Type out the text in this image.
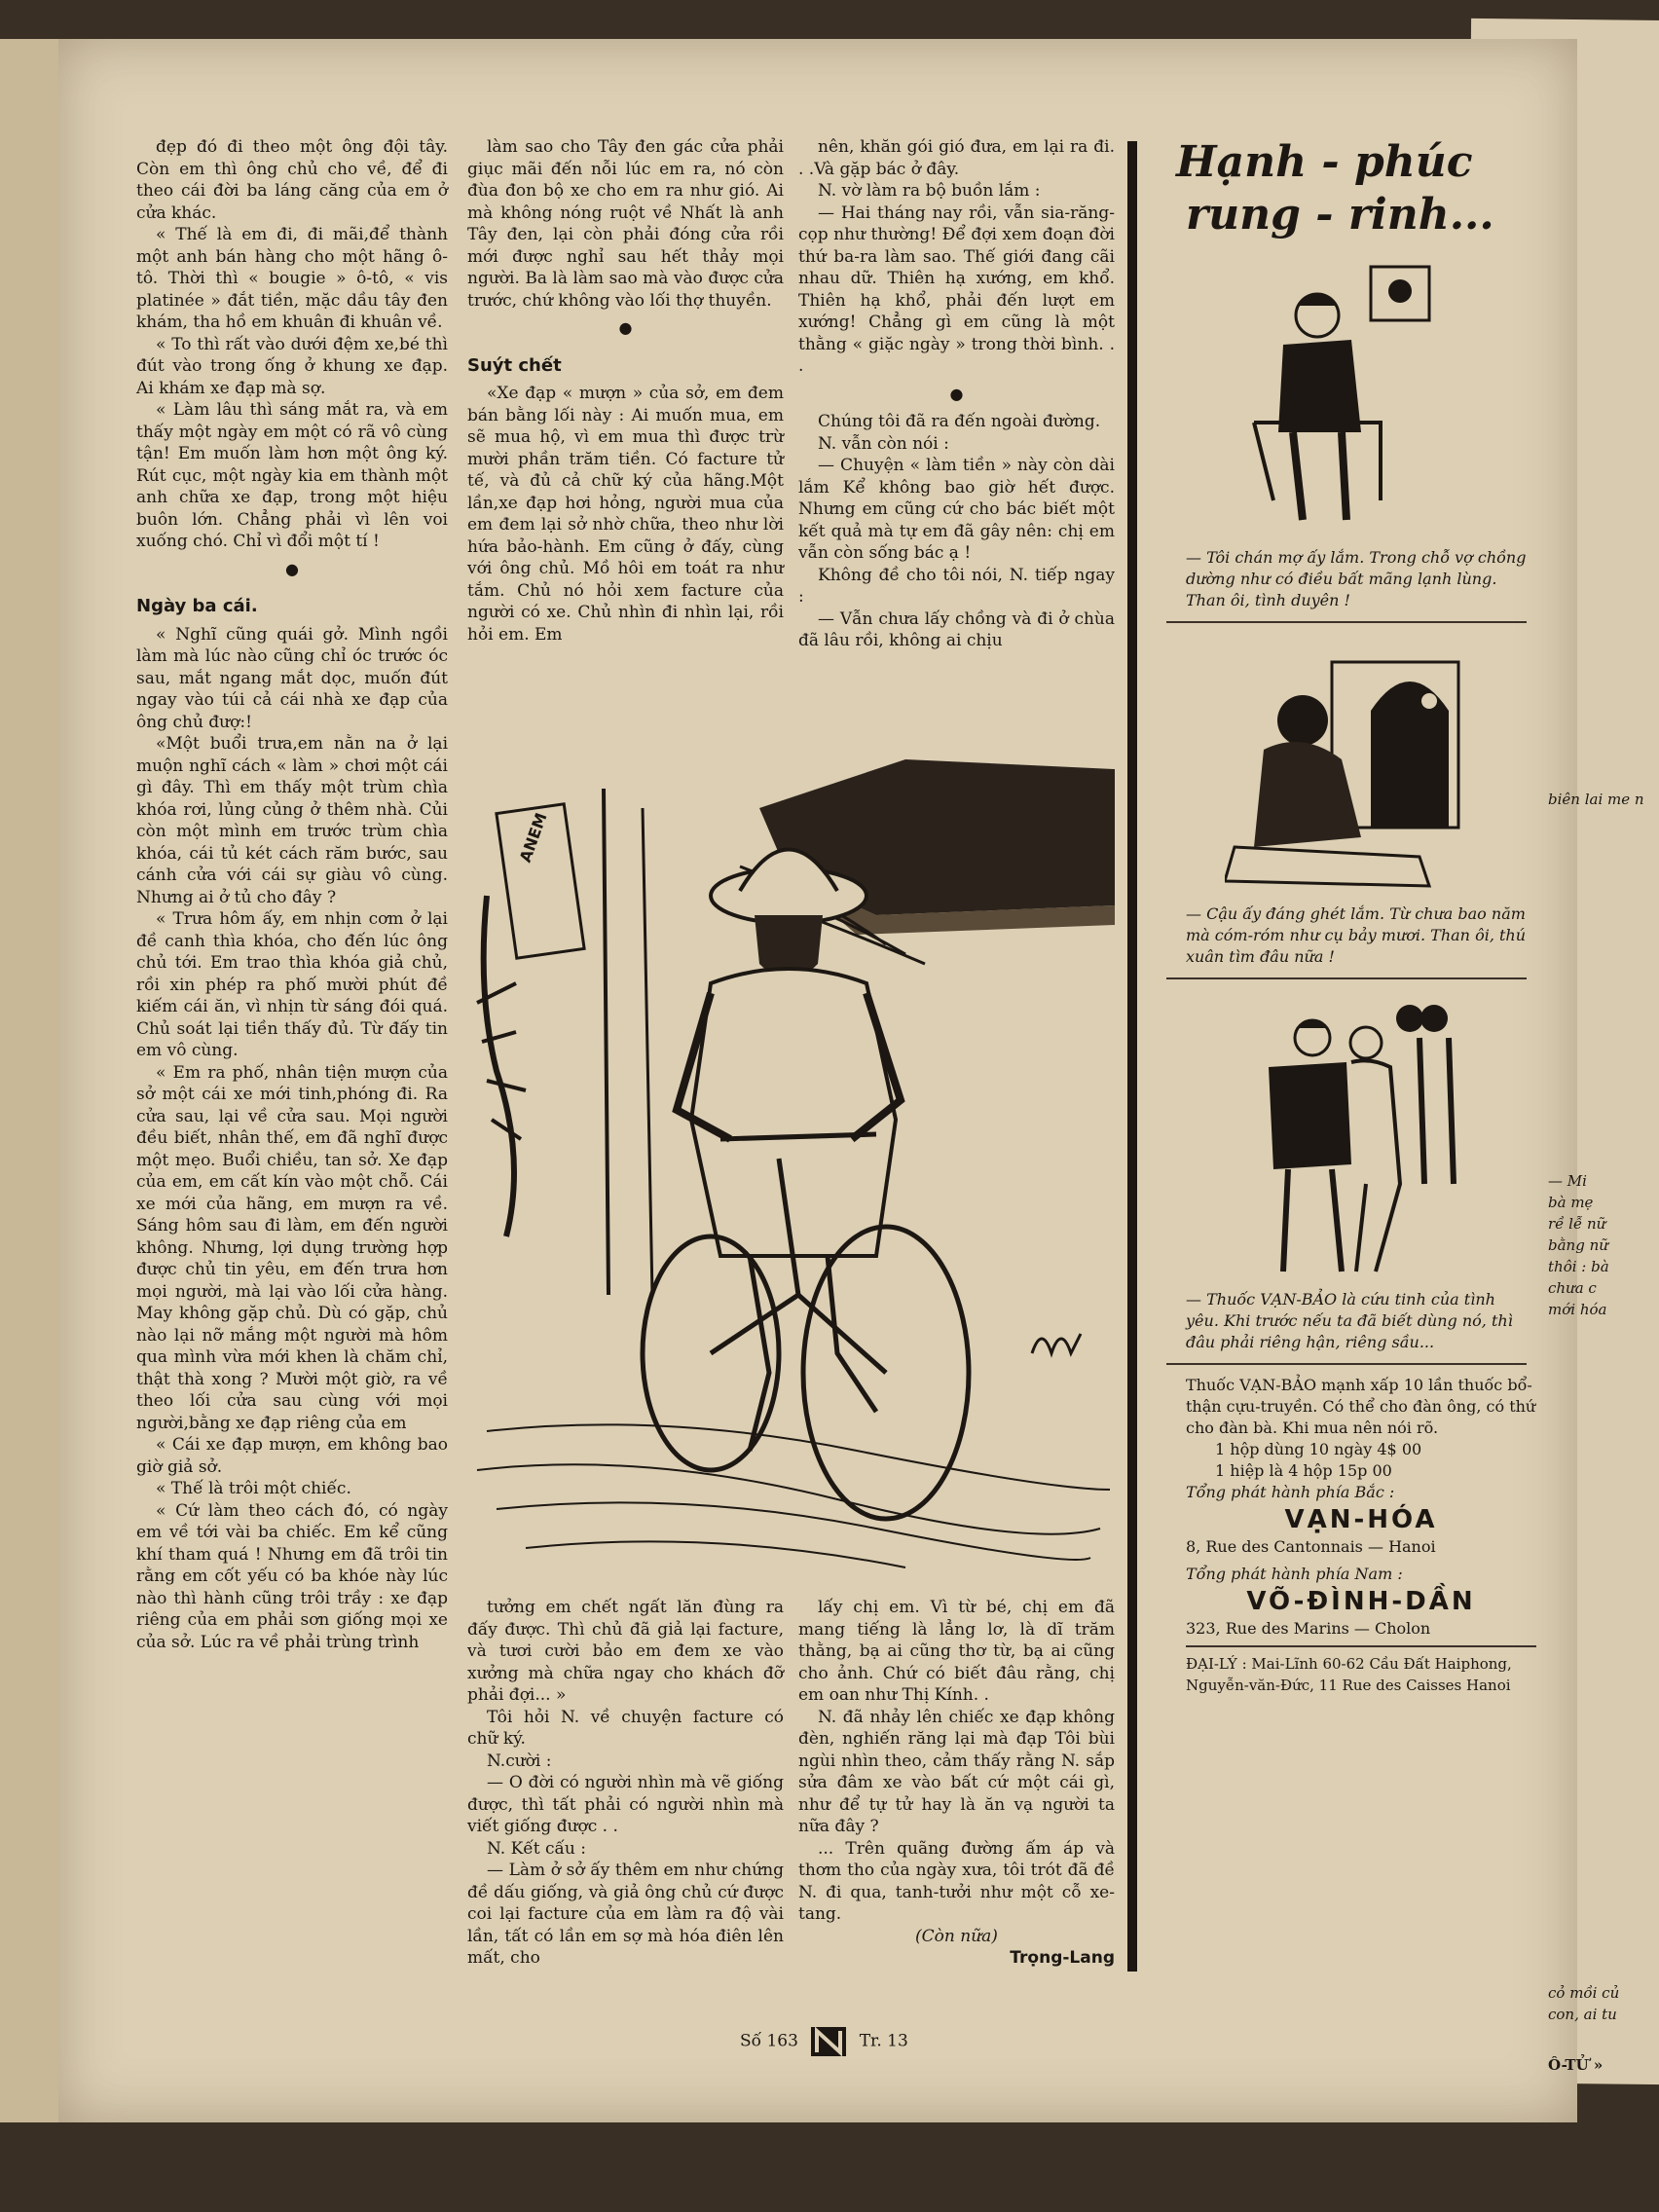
đẹp đó đi theo một ông đội tây. Còn em thì ông chủ cho về, để đi theo cái đời ba láng căng của em ở cửa khác.

« Thế là em đi, đi mãi,để thành một anh bán hàng cho một hãng ô-tô. Thời thì « bougie » ô-tô, « vis platinée » đắt tiền, mặc dầu tây đen khám, tha hồ em khuân đi khuân về.

« To thì rất vào dưới đệm xe,bé thì đút vào trong ống ở khung xe đạp. Ai khám xe đạp mà sợ.

« Làm lâu thì sáng mắt ra, và em thấy một ngày em một có rã vô cùng tận! Em muốn làm hơn một ông ký. Rút cục, một ngày kia em thành một anh chữa xe đạp, trong một hiệu buôn lớn. Chẳng phải vì lên voi xuống chó. Chỉ vì đổi một tí !

●
Ngày ba cái.

« Nghĩ cũng quái gở. Mình ngồi làm mà lúc nào cũng chỉ óc trước óc sau, mắt ngang mắt dọc, muốn đút ngay vào túi cả cái nhà xe đạp của ông chủ đượ:!

«Một buổi trưa,em nằn na ở lại muộn nghĩ cách « làm » chơi một cái gì đây. Thì em thấy một trùm chìa khóa rơi, lủng củng ở thêm nhà. Củi còn một mình em trước trùm chìa khóa, cái tủ két cách răm bước, sau cánh cửa với cái sự giàu vô cùng. Nhưng ai ở tủ cho đây ?

« Trưa hôm ấy, em nhịn cơm ở lại đề canh thìa khóa, cho đến lúc ông chủ tới. Em trao thìa khóa giả chủ, rồi xin phép ra phố mười phút đề kiếm cái ăn, vì nhịn từ sáng đói quá. Chủ soát lại tiền thấy đủ. Từ đấy tin em vô cùng.

« Em ra phố, nhân tiện mượn của sở một cái xe mới tinh,phóng đi. Ra cửa sau, lại về cửa sau. Mọi người đều biết, nhân thế, em đã nghĩ được một mẹo. Buổi chiều, tan sở. Xe đạp của em, em cất kín vào một chỗ. Cái xe mới của hãng, em mượn ra về. Sáng hôm sau đi làm, em đến người không. Nhưng, lợi dụng trường hợp được chủ tin yêu, em đến trưa hơn mọi người, mà lại vào lối cửa hàng. May không gặp chủ. Dù có gặp, chủ nào lại nỡ mắng một người mà hôm qua mình vừa mới khen là chăm chỉ, thật thà xong ? Mười một giờ, ra về theo lối cửa sau cùng với mọi người,bằng xe đạp riêng của em

« Cái xe đạp mượn, em không bao giờ giả sở.

« Thế là trôi một chiếc.

« Cứ làm theo cách đó, có ngày em về tới vài ba chiếc. Em kể cũng khí tham quá ! Nhưng em đã trôi tin rằng em cốt yếu có ba khóe này lúc nào thì hành cũng trôi trầy : xe đạp riêng của em phải sơn giống mọi xe của sở. Lúc ra về phải trùng trình

làm sao cho Tây đen gác cửa phải giục mãi đến nỗi lúc em ra, nó còn đùa đon bộ xe cho em ra như gió. Ai mà không nóng ruột về Nhất là anh Tây đen, lại còn phải đóng cửa rồi mới được nghỉ sau hết thảy mọi người. Ba là làm sao mà vào được cửa trước, chứ không vào lối thợ thuyền.

●
Suýt chết

«Xe đạp « mượn » của sở, em đem bán bằng lối này : Ai muốn mua, em sẽ mua hộ, vì em mua thì được trừ mười phần trăm tiền. Có facture tử tế, và đủ cả chữ ký của hãng.Một lần,xe đạp hơi hỏng, người mua của em đem lại sở nhờ chữa, theo như lời hứa bảo-hành. Em cũng ở đấy, cùng với ông chủ. Mồ hôi em toát ra như tắm. Chủ nó hỏi xem facture của người có xe. Chủ nhìn đi nhìn lại, rồi hỏi em. Em

nên, khăn gói gió đưa, em lại ra đi. . .Và gặp bác ở đây.

N. vờ làm ra bộ buồn lắm :

— Hai tháng nay rồi, vẫn sia-răng-cọp như thường! Để đợi xem đoạn đời thứ ba-ra làm sao. Thế giới đang cãi nhau dữ. Thiên hạ xướng, em khổ. Thiên hạ khổ, phải đến lượt em xướng! Chẳng gì em cũng là một thằng « giặc ngày » trong thời bình. . .

●

Chúng tôi đã ra đến ngoài đường.

N. vẫn còn nói :

— Chuyện « làm tiền » này còn dài lắm Kể không bao giờ hết được. Nhưng em cũng cứ cho bác biết một kết quả mà tự em đã gây nên: chị em vẫn còn sống bác ạ !

Không đề cho tôi nói, N. tiếp ngay :

— Vẫn chưa lấy chồng và đi ở chùa đã lâu rồi, không ai chịu

ANEM

tưởng em chết ngất lăn đùng ra đấy được. Thì chủ đã giả lại facture, và tươi cười bảo em đem xe vào xưởng mà chữa ngay cho khách đỡ phải đợi... »

Tôi hỏi N. về chuyện facture có chữ ký.

N.cười :

— O đời có người nhìn mà vẽ giống được, thì tất phải có người nhìn mà viết giống được . .

N. Kết cấu :

— Làm ở sở ấy thêm em như chứng đề dấu giống, và giả ông chủ cứ được coi lại facture của em làm ra độ vài lần, tất có lần em sợ mà hóa điên lên mất, cho

lấy chị em. Vì từ bé, chị em đã mang tiếng là lẳng lơ, là dĩ trăm thằng, bạ ai cũng thơ từ, bạ ai cũng cho ảnh. Chứ có biết đâu rằng, chị em oan như Thị Kính. .

N. đã nhảy lên chiếc xe đạp không đèn, nghiến răng lại mà đạp Tôi bùi ngùi nhìn theo, cảm thấy rằng N. sắp sửa đâm xe vào bất cứ một cái gì, như để tự tử hay là ăn vạ người ta nữa đây ?

... Trên quãng đường ấm áp và thơm tho của ngày xưa, tôi trót đã đề N. đi qua, tanh-tưởi như một cỗ xe-tang.

(Còn nữa)
Trọng-Lang
Hạnh - phúc
rung - rinh...
— Tôi chán mợ ấy lắm. Trong chỗ vợ chồng dường như có điều bất mãng lạnh lùng. Than ôi, tình duyên !
— Cậu ấy đáng ghét lắm. Từ chưa bao năm mà cóm-róm như cụ bảy mươi. Than ôi, thú xuân tìm đâu nữa !
— Thuốc VẠN-BẢO là cứu tinh của tình yêu. Khi trước nếu ta đã biết dùng nó, thì đâu phải riêng hận, riêng sầu...
Thuốc VẠN-BẢO mạnh xấp 10 lần thuốc bổ-thận cựu-truyền. Có thể cho đàn ông, có thứ cho đàn bà. Khi mua nên nói rõ.
1 hộp dùng 10 ngày 4$ 00
1 hiệp là 4 hộp 15p 00
Tổng phát hành phía Bắc :
VẠN-HÓA
8, Rue des Cantonnais — Hanoi
Tổng phát hành phía Nam :
VÕ-ĐÌNH-DẦN
323, Rue des Marins — Cholon
ĐẠI-LÝ : Mai-Lĩnh 60-62 Cầu Đất Haiphong, Nguyễn-văn-Đức, 11 Rue des Caisses Hanoi
Số 163	Tr. 13
biên lai me n
— Mi
bà mẹ
rề lễ nữ
bằng nữ
thôi : bà
chưa c
mới hóa
cỏ mồi củ
con, ai tu
Ô-TỬ »
